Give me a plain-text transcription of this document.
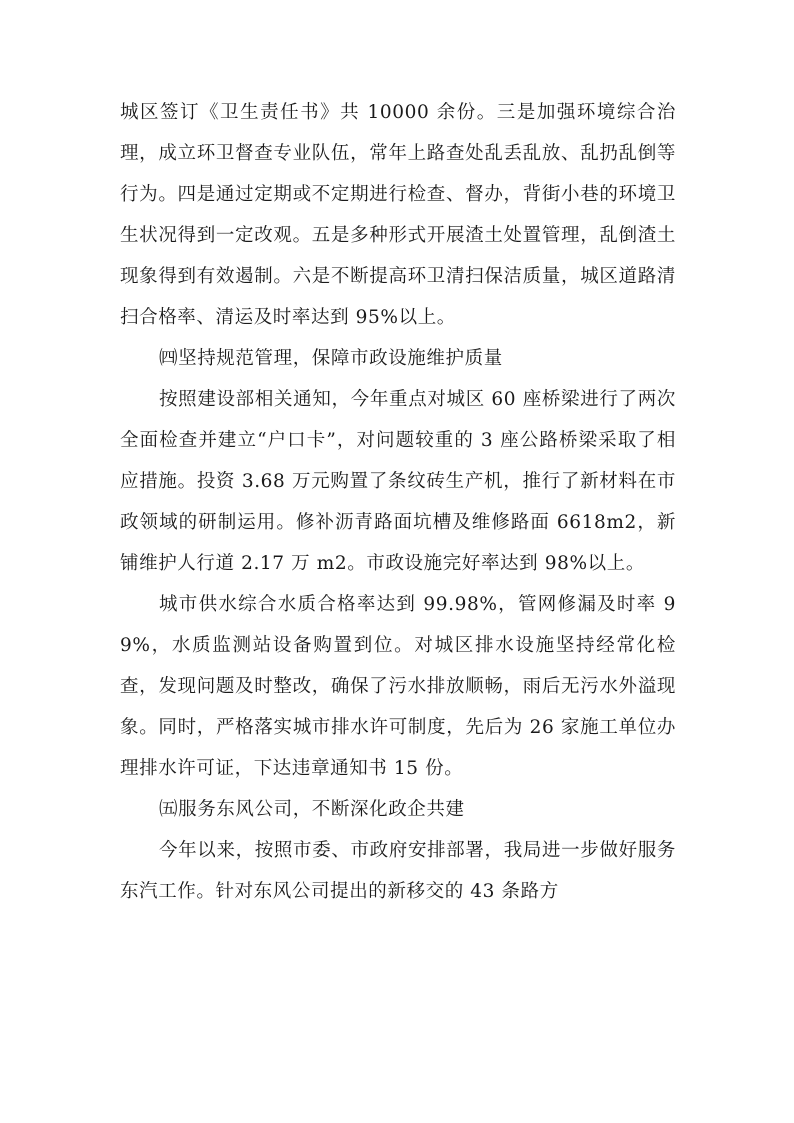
城区签订《卫生责任书》共 10000 余份。三是加强环境综合治理，成立环卫督查专业队伍，常年上路查处乱丢乱放、乱扔乱倒等行为。四是通过定期或不定期进行检查、督办，背街小巷的环境卫生状况得到一定改观。五是多种形式开展渣土处置管理，乱倒渣土现象得到有效遏制。六是不断提高环卫清扫保洁质量，城区道路清扫合格率、清运及时率达到 95%以上。

㈣坚持规范管理，保障市政设施维护质量

按照建设部相关通知，今年重点对城区 60 座桥梁进行了两次全面检查并建立“户口卡”，对问题较重的 3 座公路桥梁采取了相应措施。投资 3.68 万元购置了条纹砖生产机，推行了新材料在市政领域的研制运用。修补沥青路面坑槽及维修路面 6618m2，新铺维护人行道 2.17 万 m2。市政设施完好率达到 98%以上。

城市供水综合水质合格率达到 99.98%，管网修漏及时率 99%，水质监测站设备购置到位。对城区排水设施坚持经常化检查，发现问题及时整改，确保了污水排放顺畅，雨后无污水外溢现象。同时，严格落实城市排水许可制度，先后为 26 家施工单位办理排水许可证，下达违章通知书 15 份。

㈤服务东风公司，不断深化政企共建

今年以来，按照市委、市政府安排部署，我局进一步做好服务东汽工作。针对东风公司提出的新移交的 43 条路方
